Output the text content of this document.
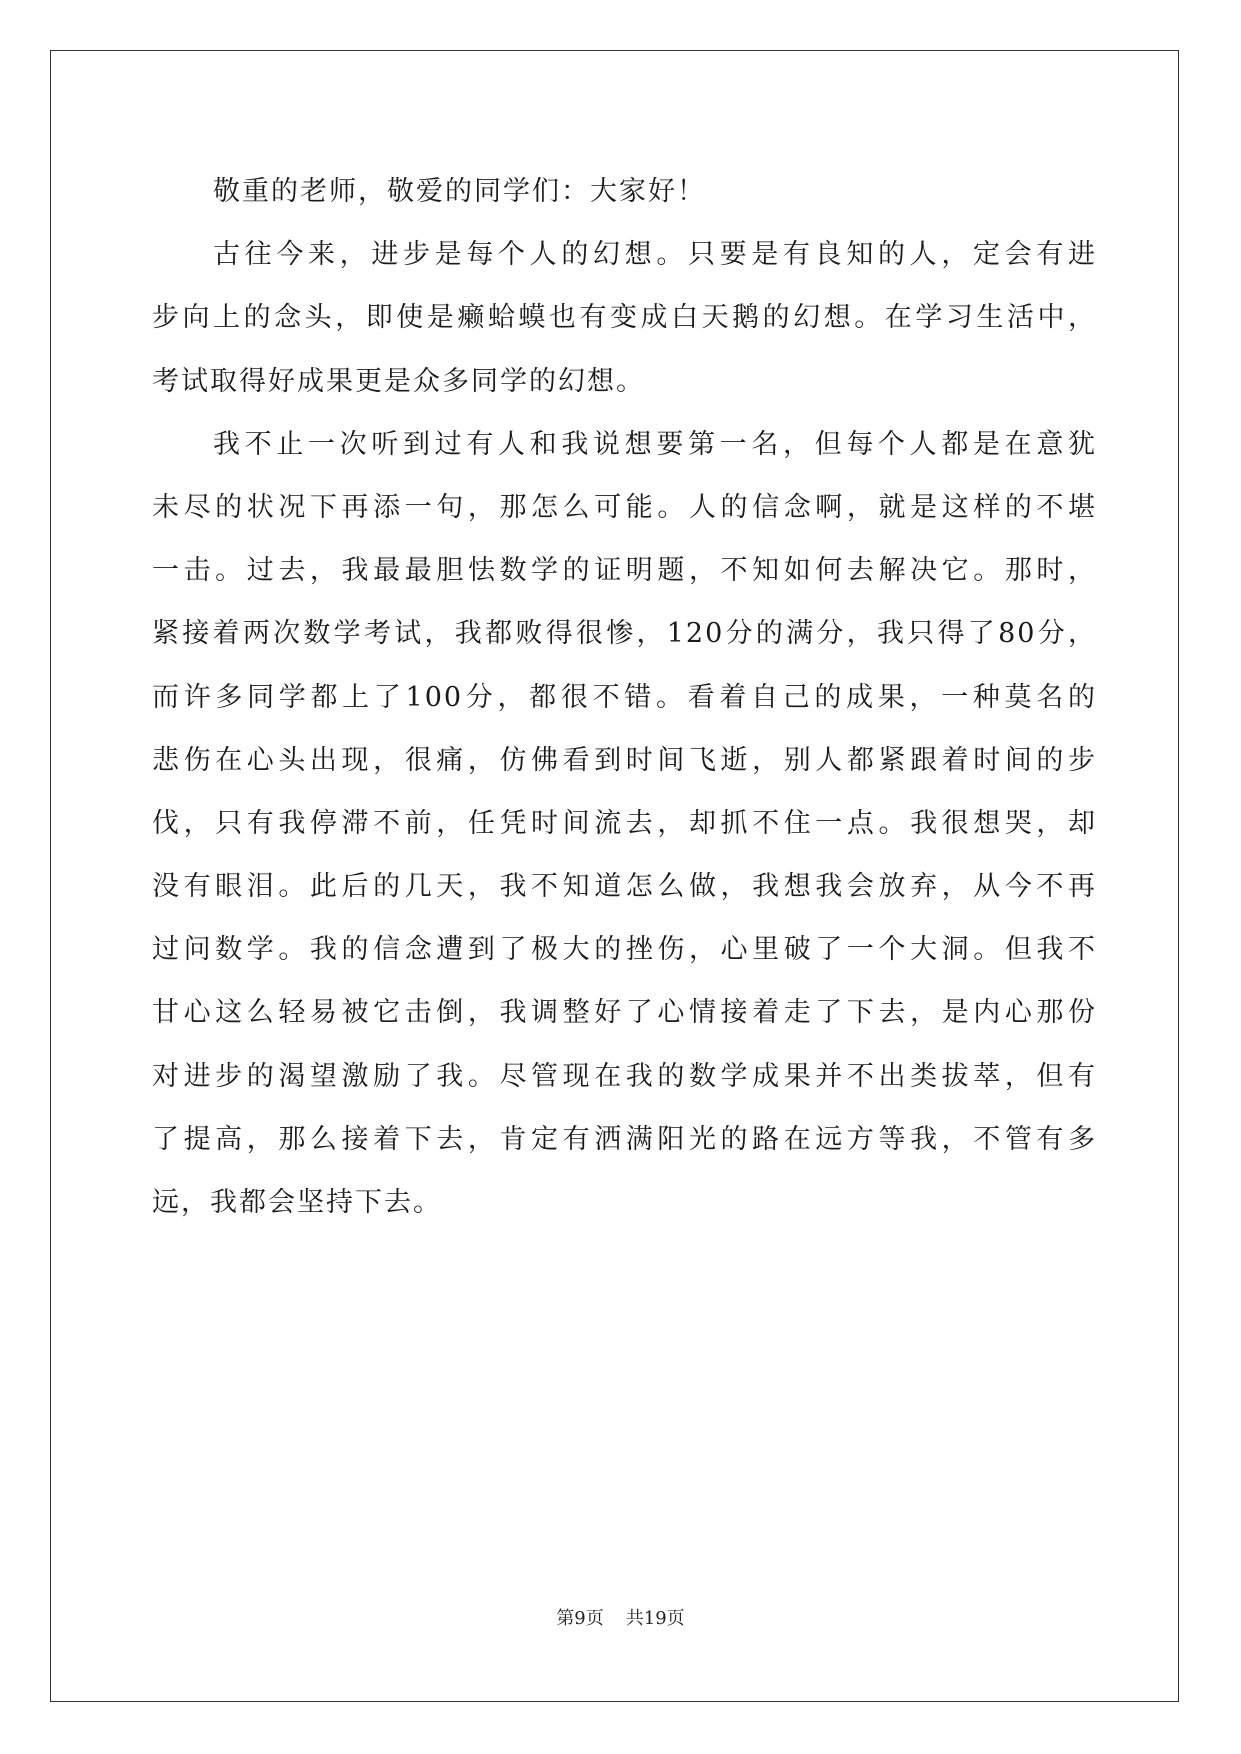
敬重的老师，敬爱的同学们：大家好！
古往今来，进步是每个人的幻想。只要是有良知的人，定会有进
步向上的念头，即使是癞蛤蟆也有变成白天鹅的幻想。在学习生活中，
考试取得好成果更是众多同学的幻想。
我不止一次听到过有人和我说想要第一名，但每个人都是在意犹
未尽的状况下再添一句，那怎么可能。人的信念啊，就是这样的不堪
一击。过去，我最最胆怯数学的证明题，不知如何去解决它。那时，
紧接着两次数学考试，我都败得很惨，120分的满分，我只得了80分，
而许多同学都上了100分，都很不错。看着自己的成果，一种莫名的
悲伤在心头出现，很痛，仿佛看到时间飞逝，别人都紧跟着时间的步
伐，只有我停滞不前，任凭时间流去，却抓不住一点。我很想哭，却
没有眼泪。此后的几天，我不知道怎么做，我想我会放弃，从今不再
过问数学。我的信念遭到了极大的挫伤，心里破了一个大洞。但我不
甘心这么轻易被它击倒，我调整好了心情接着走了下去，是内心那份
对进步的渴望激励了我。尽管现在我的数学成果并不出类拔萃，但有
了提高，那么接着下去，肯定有洒满阳光的路在远方等我，不管有多
远，我都会坚持下去。
第9页 共19页
